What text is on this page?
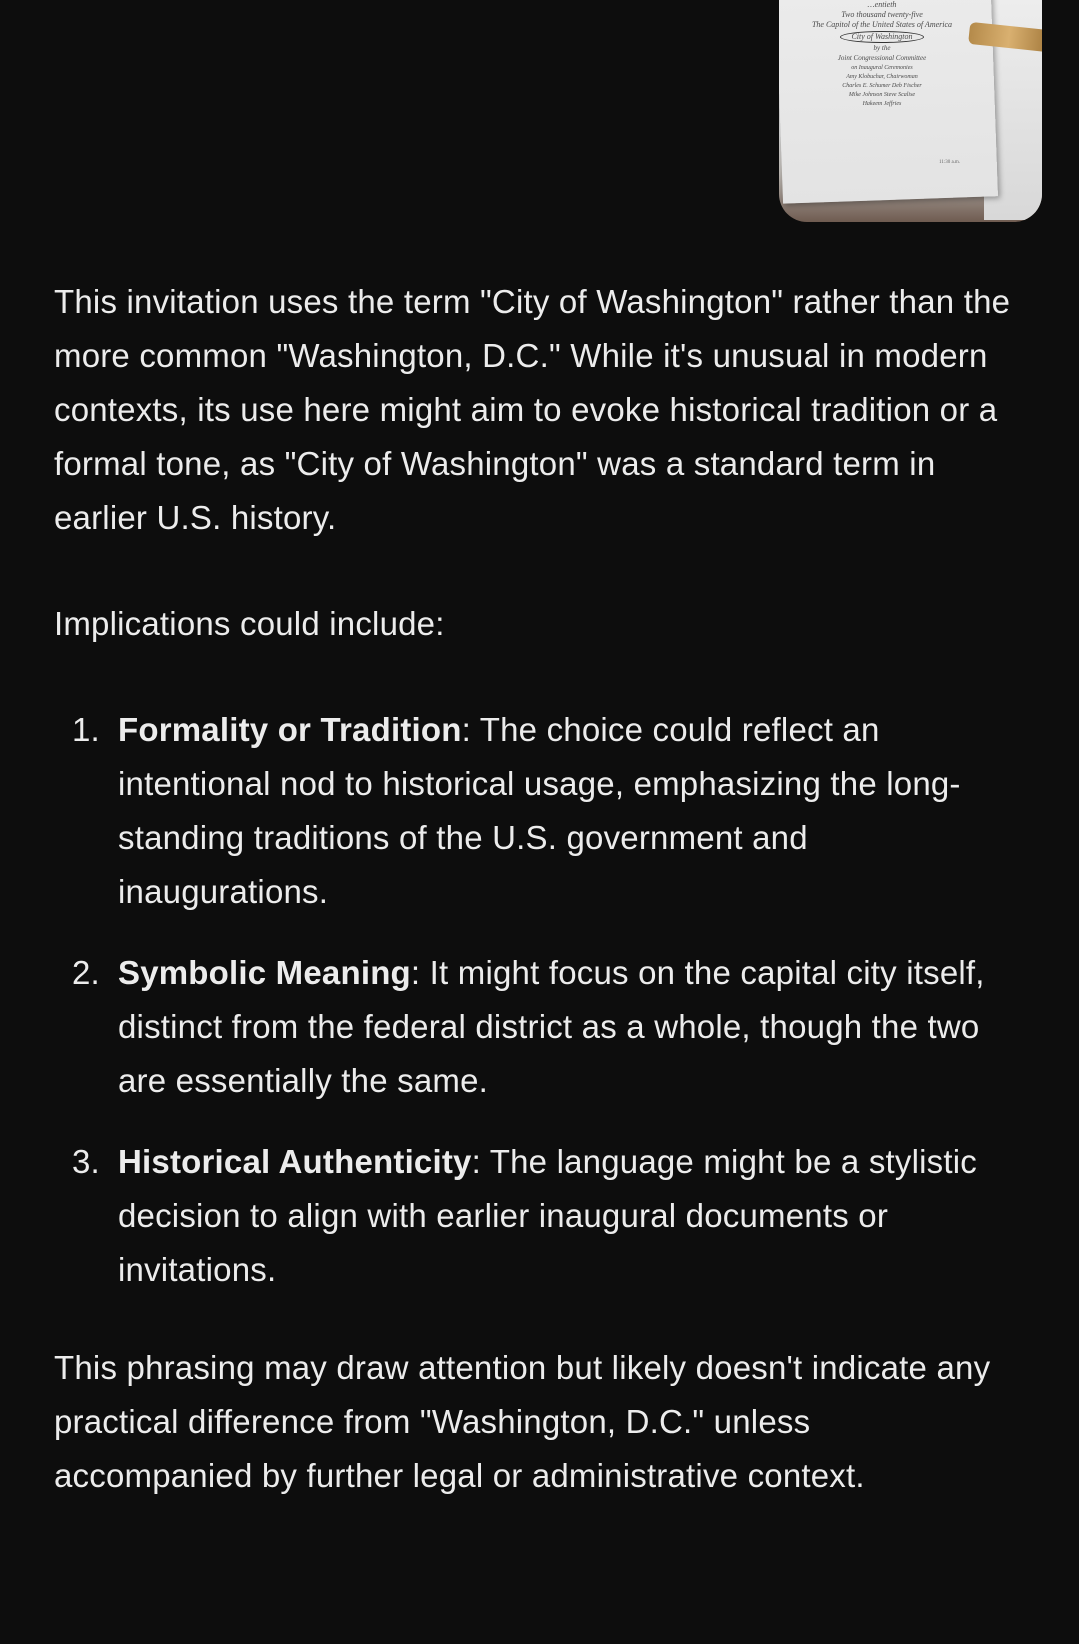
…entieth
Two thousand twenty-five
The Capitol of the United States of America
City of Washington
by the
Joint Congressional Committee
on Inaugural Ceremonies
Amy Klobuchar, Chairwoman
Charles E. Schumer Deb Fischer
Mike Johnson Steve Scalise
Hakeem Jeffries
11:30 a.m.

This invitation uses the term "City of Washington" rather than the more common "Washington, D.C." While it's unusual in modern contexts, its use here might aim to evoke historical tradition or a formal tone, as "City of Washington" was a standard term in earlier U.S. history.

Implications could include:

1. Formality or Tradition: The choice could reflect an intentional nod to historical usage, emphasizing the long-standing traditions of the U.S. government and inaugurations.
2. Symbolic Meaning: It might focus on the capital city itself, distinct from the federal district as a whole, though the two are essentially the same.
3. Historical Authenticity: The language might be a stylistic decision to align with earlier inaugural documents or invitations.

This phrasing may draw attention but likely doesn't indicate any practical difference from "Washington, D.C." unless accompanied by further legal or administrative context.
